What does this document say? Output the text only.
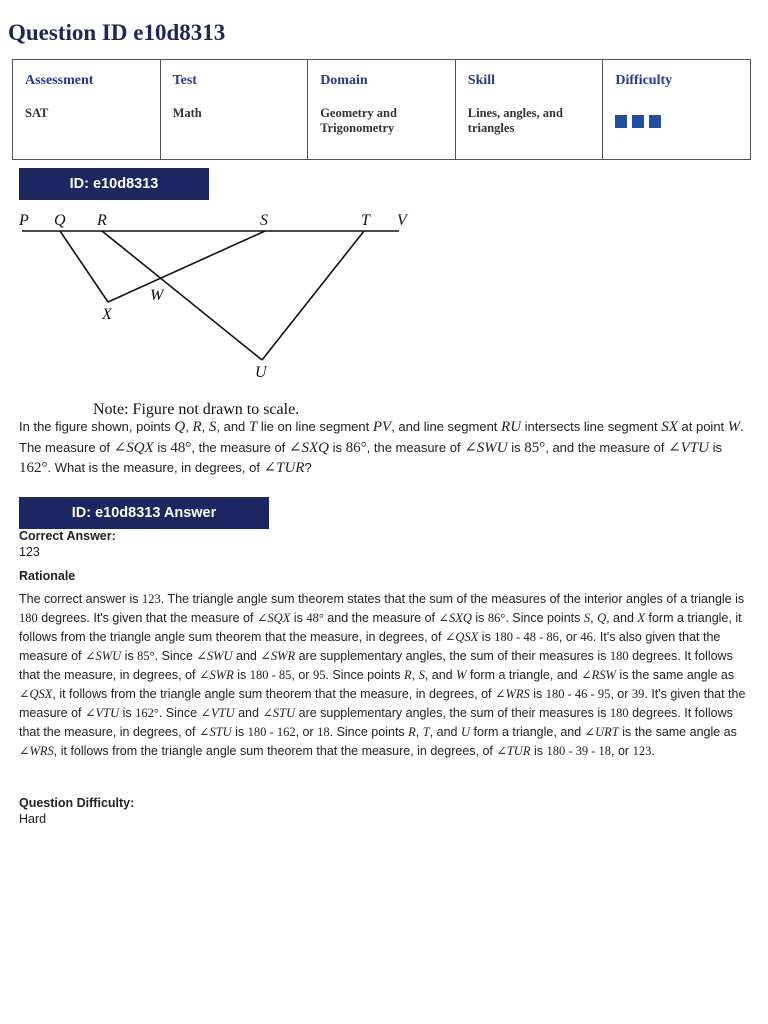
Question ID e10d8313
Assessment
SAT

Test
Math

Domain
Geometry and Trigonometry

Skill
Lines, angles, and triangles

Difficulty
ID: e10d8313
P Q R	S	T V
W
X
U
Note: Figure not drawn to scale.

In the figure shown, points Q, R, S, and T lie on line segment PV, and line segment RU intersects line segment SX at point W. The measure of ∠SQX is 48°, the measure of ∠SXQ is 86°, the measure of ∠SWU is 85°, and the measure of ∠VTU is 162°. What is the measure, in degrees, of ∠TUR?

ID: e10d8313 Answer
Correct Answer:
123
Rationale

The correct answer is 123. The triangle angle sum theorem states that the sum of the measures of the interior angles of a triangle is 180 degrees. It's given that the measure of ∠SQX is 48° and the measure of ∠SXQ is 86°. Since points S, Q, and X form a triangle, it follows from the triangle angle sum theorem that the measure, in degrees, of ∠QSX is 180 - 48 - 86, or 46. It's also given that the measure of ∠SWU is 85°. Since ∠SWU and ∠SWR are supplementary angles, the sum of their measures is 180 degrees. It follows that the measure, in degrees, of ∠SWR is 180 - 85, or 95. Since points R, S, and W form a triangle, and ∠RSW is the same angle as ∠QSX, it follows from the triangle angle sum theorem that the measure, in degrees, of ∠WRS is 180 - 46 - 95, or 39. It's given that the measure of ∠VTU is 162°. Since ∠VTU and ∠STU are supplementary angles, the sum of their measures is 180 degrees. It follows that the measure, in degrees, of ∠STU is 180 - 162, or 18. Since points R, T, and U form a triangle, and ∠URT is the same angle as ∠WRS, it follows from the triangle angle sum theorem that the measure, in degrees, of ∠TUR is 180 - 39 - 18, or 123.

Question Difficulty:
Hard
